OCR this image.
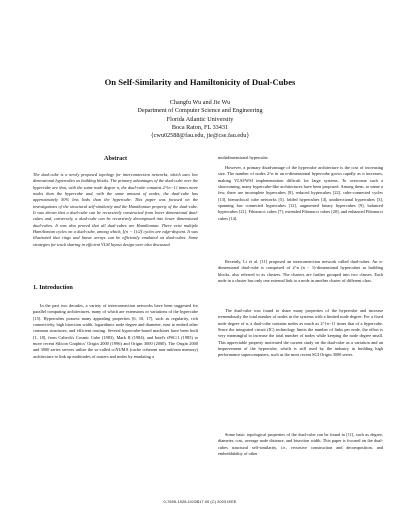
On Self-Similarity and Hamiltonicity of Dual-Cubes
Changfu Wu and Jie Wu
Department of Computer Science and Engineering
Florida Atlantic University
Boca Raton, FL 33431
{cwu02588@fau.edu, jie@cse.fau.edu}
Abstract
The dual-cube is a newly proposed topology for interconnection networks, which uses low dimensional hypercubes as building blocks. The primary advantages of the dual-cube over the hypercube are that, with the same node degree n, the dual-cube contains 2^{n−1} times more nodes than the hypercube and, with the same amount of nodes, the dual-cube has approximately 50% less links than the hypercube. This paper was focused on the investigations of the structural self-similarity and the Hamiltonian property of the dual-cube. It was shown that a dual-cube can be recursively constructed from lower dimensional dual-cubes and, conversely, a dual-cube can be recursively decomposed into lower dimensional dual-cubes. It was also proved that all dual-cubes are Hamiltonian. There exist multiple Hamiltonian cycles on a dual-cube, among which, ⌊(n − 1)/2⌋ cycles are edge-disjoint. It was illustrated that rings and linear arrays can be efficiently emulated on dual-cubes. Some strategies for truck sharing in efficient VLSI layout design were also discussed.
1. Introduction
In the past two decades, a variety of interconnection networks have been suggested for parallel computing architectures, many of which are extensions or variations of the hypercube [15]. Hypercubes possess many appealing properties [6, 10, 17], such as regularity, rich connectivity, high bisection width, logarithmic node degree and diameter, ease to embed other common structures, and efficient routing. Several hypercube-based machines have been built [1, 18], from Caltech's Cosmic Cube (1983), Mark II (1984), and Intel's iPSC/1 (1985) to more recent Silicon Graphics' Origin 2000 (1996) and Origin 3000 (2000). The Origin 2000 and 3000 series servers utilize the so-called ccNUMA (cache coherent non-uniform memory) architecture to link up multitudes of routers and nodes by emulating a
multidimensional hypercube.
However, a primary disadvantage of the hypercube architecture is the cost of increasing size. The number of nodes 2^n in an n-dimensional hypercube grows rapidly as n increases, making VLSI/WSI implementation difficult for large systems. To overcome such a shortcoming, many hypercube-like architectures have been proposed. Among them, to name a few, there are incomplete hypercubes [8], reduced hypercubes [22], cube-connected cycles [13], hierarchical cube networks [5], folded hypercubes [4], unidirectional hypercubes [3], spanning bus connected hypercubes [12], augmented binary hypercubes [9], balanced hypercubes [21], Fibonacci cubes [7], extended Fibonacci cubes [20], and enhanced Fibonacci cubes [14].
Recently, Li et al. [11] proposed an interconnection network called dual-cubes. An n-dimensional dual-cube is comprised of 2^n (n − 1)-dimensional hypercubes as building blocks, also referred to as clusters. The clusters are further grouped into two classes. Each node in a cluster has only one external link to a node in another cluster of different class.
The dual-cube was found to share many properties of the hypercube and increase tremendously the total number of nodes in the systems with a limited node degree. For a fixed node degree of n, a dual-cube contains nodes as much as 2^{n−1} times that of a hypercube. Since the integrated circuit (IC) technology limits the number of links per node, the effort is very meaningful to increase the total number of nodes while keeping the node degree small. This appreciable property motivated the current study on the dual-cube as a variation and an improvement of the hypercube, which is still used by the industry in building high performance supercomputers, such as the most recent SGI Origin 3000 series.
Some basic topological properties of the dual-cube can be found in [11], such as degree, diameter, cost, average node distance, and bisection width. This paper is focused on the dual-cubes structural self-similarity, i.e., recursive construction and decomposition, and embeddability of other
0-7695-1926-1/03/$17.00 (C) 2003 IEEE
